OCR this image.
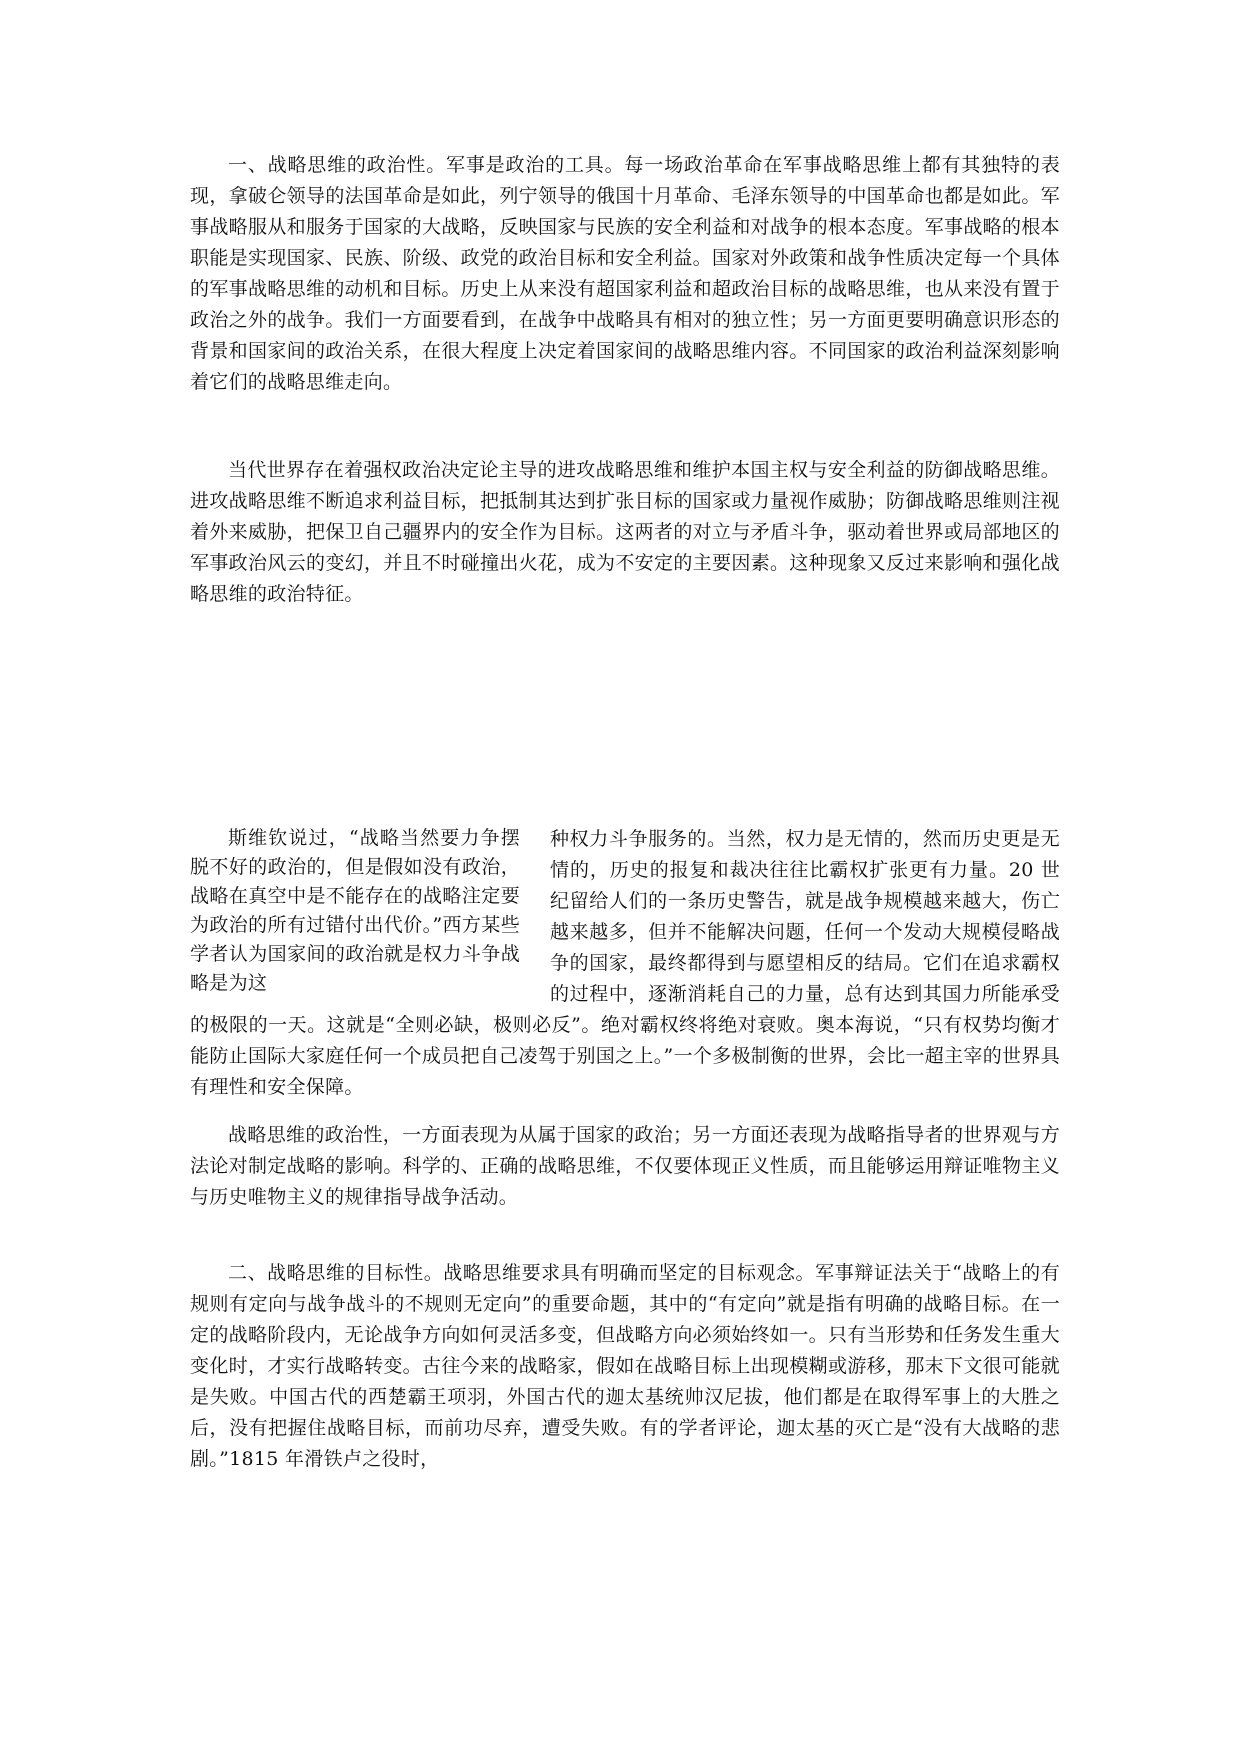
一、战略思维的政治性。军事是政治的工具。每一场政治革命在军事战略思维上都有其独特的表现，拿破仑领导的法国革命是如此，列宁领导的俄国十月革命、毛泽东领导的中国革命也都是如此。军事战略服从和服务于国家的大战略，反映国家与民族的安全利益和对战争的根本态度。军事战略的根本职能是实现国家、民族、阶级、政党的政治目标和安全利益。国家对外政策和战争性质决定每一个具体的军事战略思维的动机和目标。历史上从来没有超国家利益和超政治目标的战略思维，也从来没有置于政治之外的战争。我们一方面要看到，在战争中战略具有相对的独立性；另一方面更要明确意识形态的背景和国家间的政治关系，在很大程度上决定着国家间的战略思维内容。不同国家的政治利益深刻影响着它们的战略思维走向。

当代世界存在着强权政治决定论主导的进攻战略思维和维护本国主权与安全利益的防御战略思维。进攻战略思维不断追求利益目标，把抵制其达到扩张目标的国家或力量视作威胁；防御战略思维则注视着外来威胁，把保卫自己疆界内的安全作为目标。这两者的对立与矛盾斗争，驱动着世界或局部地区的军事政治风云的变幻，并且不时碰撞出火花，成为不安定的主要因素。这种现象又反过来影响和强化战略思维的政治特征。

斯维钦说过，“战略当然要力争摆脱不好的政治的，但是假如没有政治，战略在真空中是不能存在的战略注定要为政治的所有过错付出代价。”西方某些学者认为国家间的政治就是权力斗争战略是为这
种权力斗争服务的。当然，权力是无情的，然而历史更是无情的，历史的报复和裁决往往比霸权扩张更有力量。20 世纪留给人们的一条历史警告，就是战争规模越来越大，伤亡越来越多，但并不能解决问题，任何一个发动大规模侵略战争的国家，最终都得到与愿望相反的结局。它们在追求霸权的过程中，逐渐消耗自己的力量，总有达到其国力所能承受的极限的一天。这就是“全则必缺，极则必反”。绝对霸权终将绝对衰败。奥本海说，“只有权势均衡才能防止国际大家庭任何一个成员把自己凌驾于别国之上。”一个多极制衡的世界，会比一超主宰的世界具有理性和安全保障。

战略思维的政治性，一方面表现为从属于国家的政治；另一方面还表现为战略指导者的世界观与方法论对制定战略的影响。科学的、正确的战略思维，不仅要体现正义性质，而且能够运用辩证唯物主义与历史唯物主义的规律指导战争活动。

二、战略思维的目标性。战略思维要求具有明确而坚定的目标观念。军事辩证法关于“战略上的有规则有定向与战争战斗的不规则无定向”的重要命题，其中的“有定向”就是指有明确的战略目标。在一定的战略阶段内，无论战争方向如何灵活多变，但战略方向必须始终如一。只有当形势和任务发生重大变化时，才实行战略转变。古往今来的战略家，假如在战略目标上出现模糊或游移，那末下文很可能就是失败。中国古代的西楚霸王项羽，外国古代的迦太基统帅汉尼拔，他们都是在取得军事上的大胜之后，没有把握住战略目标，而前功尽弃，遭受失败。有的学者评论，迦太基的灭亡是“没有大战略的悲剧。”1815 年滑铁卢之役时，
